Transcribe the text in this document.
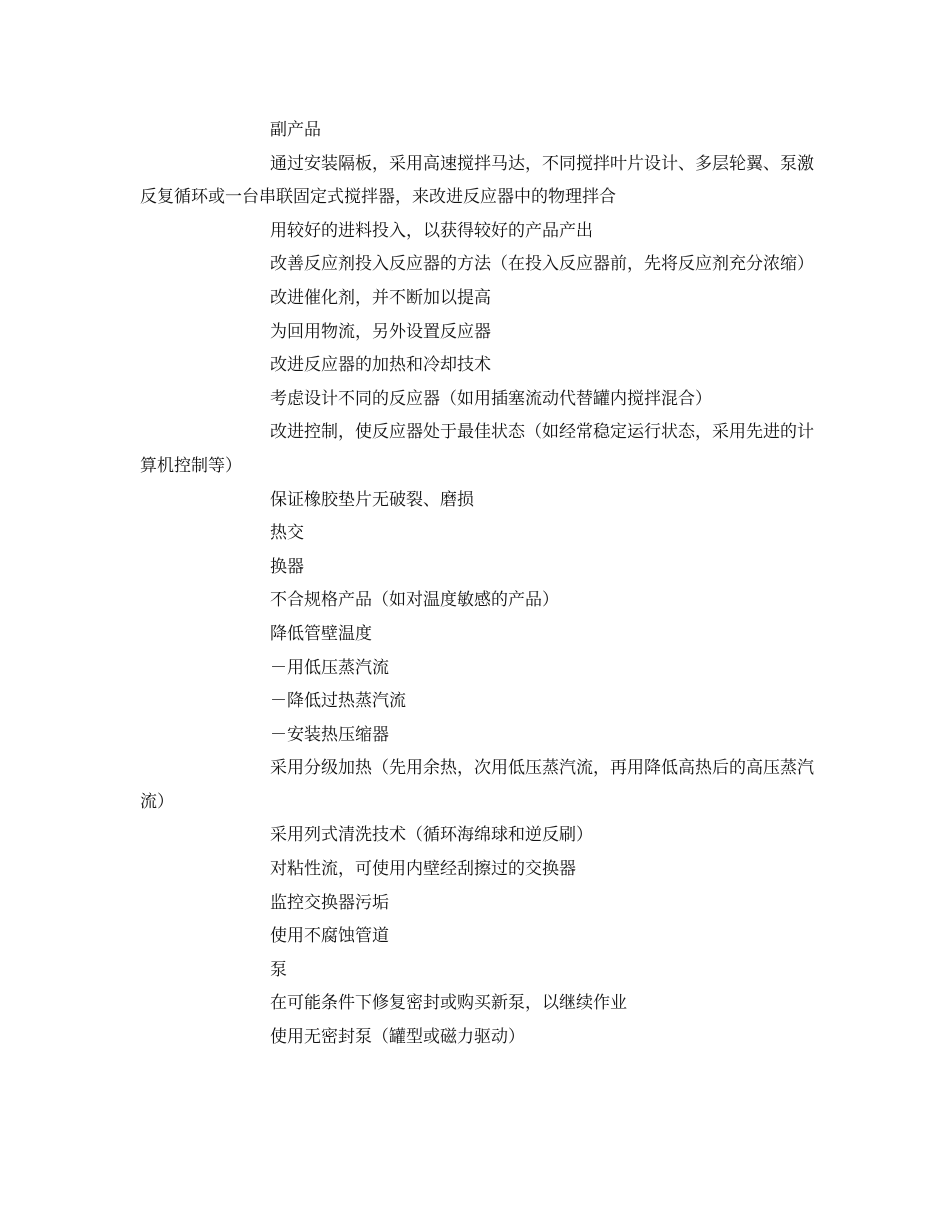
副产品

通过安装隔板，采用高速搅拌马达，不同搅拌叶片设计、多层轮翼、泵激反复循环或一台串联固定式搅拌器，来改进反应器中的物理拌合

用较好的进料投入，以获得较好的产品产出

改善反应剂投入反应器的方法（在投入反应器前，先将反应剂充分浓缩）

改进催化剂，并不断加以提高

为回用物流，另外设置反应器

改进反应器的加热和冷却技术

考虑设计不同的反应器（如用插塞流动代替罐内搅拌混合）

改进控制，使反应器处于最佳状态（如经常稳定运行状态，采用先进的计算机控制等）

保证橡胶垫片无破裂、磨损

热交

换器

不合规格产品（如对温度敏感的产品）

降低管壁温度

－用低压蒸汽流

－降低过热蒸汽流

－安装热压缩器

采用分级加热（先用余热，次用低压蒸汽流，再用降低高热后的高压蒸汽流）

采用列式清洗技术（循环海绵球和逆反刷）

对粘性流，可使用内壁经刮擦过的交换器

监控交换器污垢

使用不腐蚀管道

泵

在可能条件下修复密封或购买新泵，以继续作业

使用无密封泵（罐型或磁力驱动）
